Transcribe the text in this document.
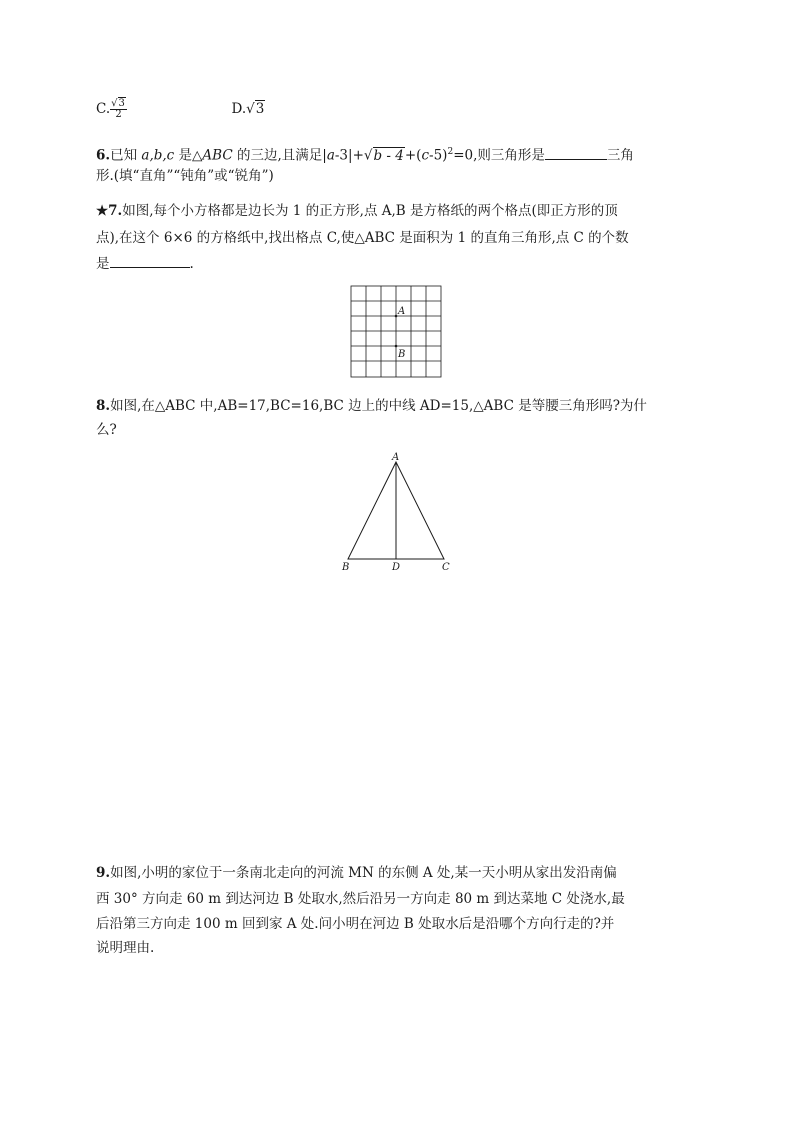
C. $\frac{√3}{2}$	D.√3
6.已知 a,b,c 是△ABC 的三边,且满足$|a-3|+√b - 4+(c-5)^2=0$,则三角形是	三角
形.(填“直角”“钝角”或“锐角”)
★7.如图,每个小方格都是边长为 1 的正方形,点 A,B 是方格纸的两个格点(即正方形的顶
点),在这个 6×6 的方格纸中,找出格点 C,使△ABC 是面积为 1 的直角三角形,点 C 的个数
是	.
A
B
8.如图,在△ABC 中,AB=17,BC=16,BC 边上的中线 AD=15,△ABC 是等腰三角形吗?为什
么?
A
B	D	C
9.如图,小明的家位于一条南北走向的河流 MN 的东侧 A 处,某一天小明从家出发沿南偏
西 30° 方向走 60 m 到达河边 B 处取水,然后沿另一方向走 80 m 到达菜地 C 处浇水,最
后沿第三方向走 100 m 回到家 A 处.问小明在河边 B 处取水后是沿哪个方向行走的?并
说明理由.
